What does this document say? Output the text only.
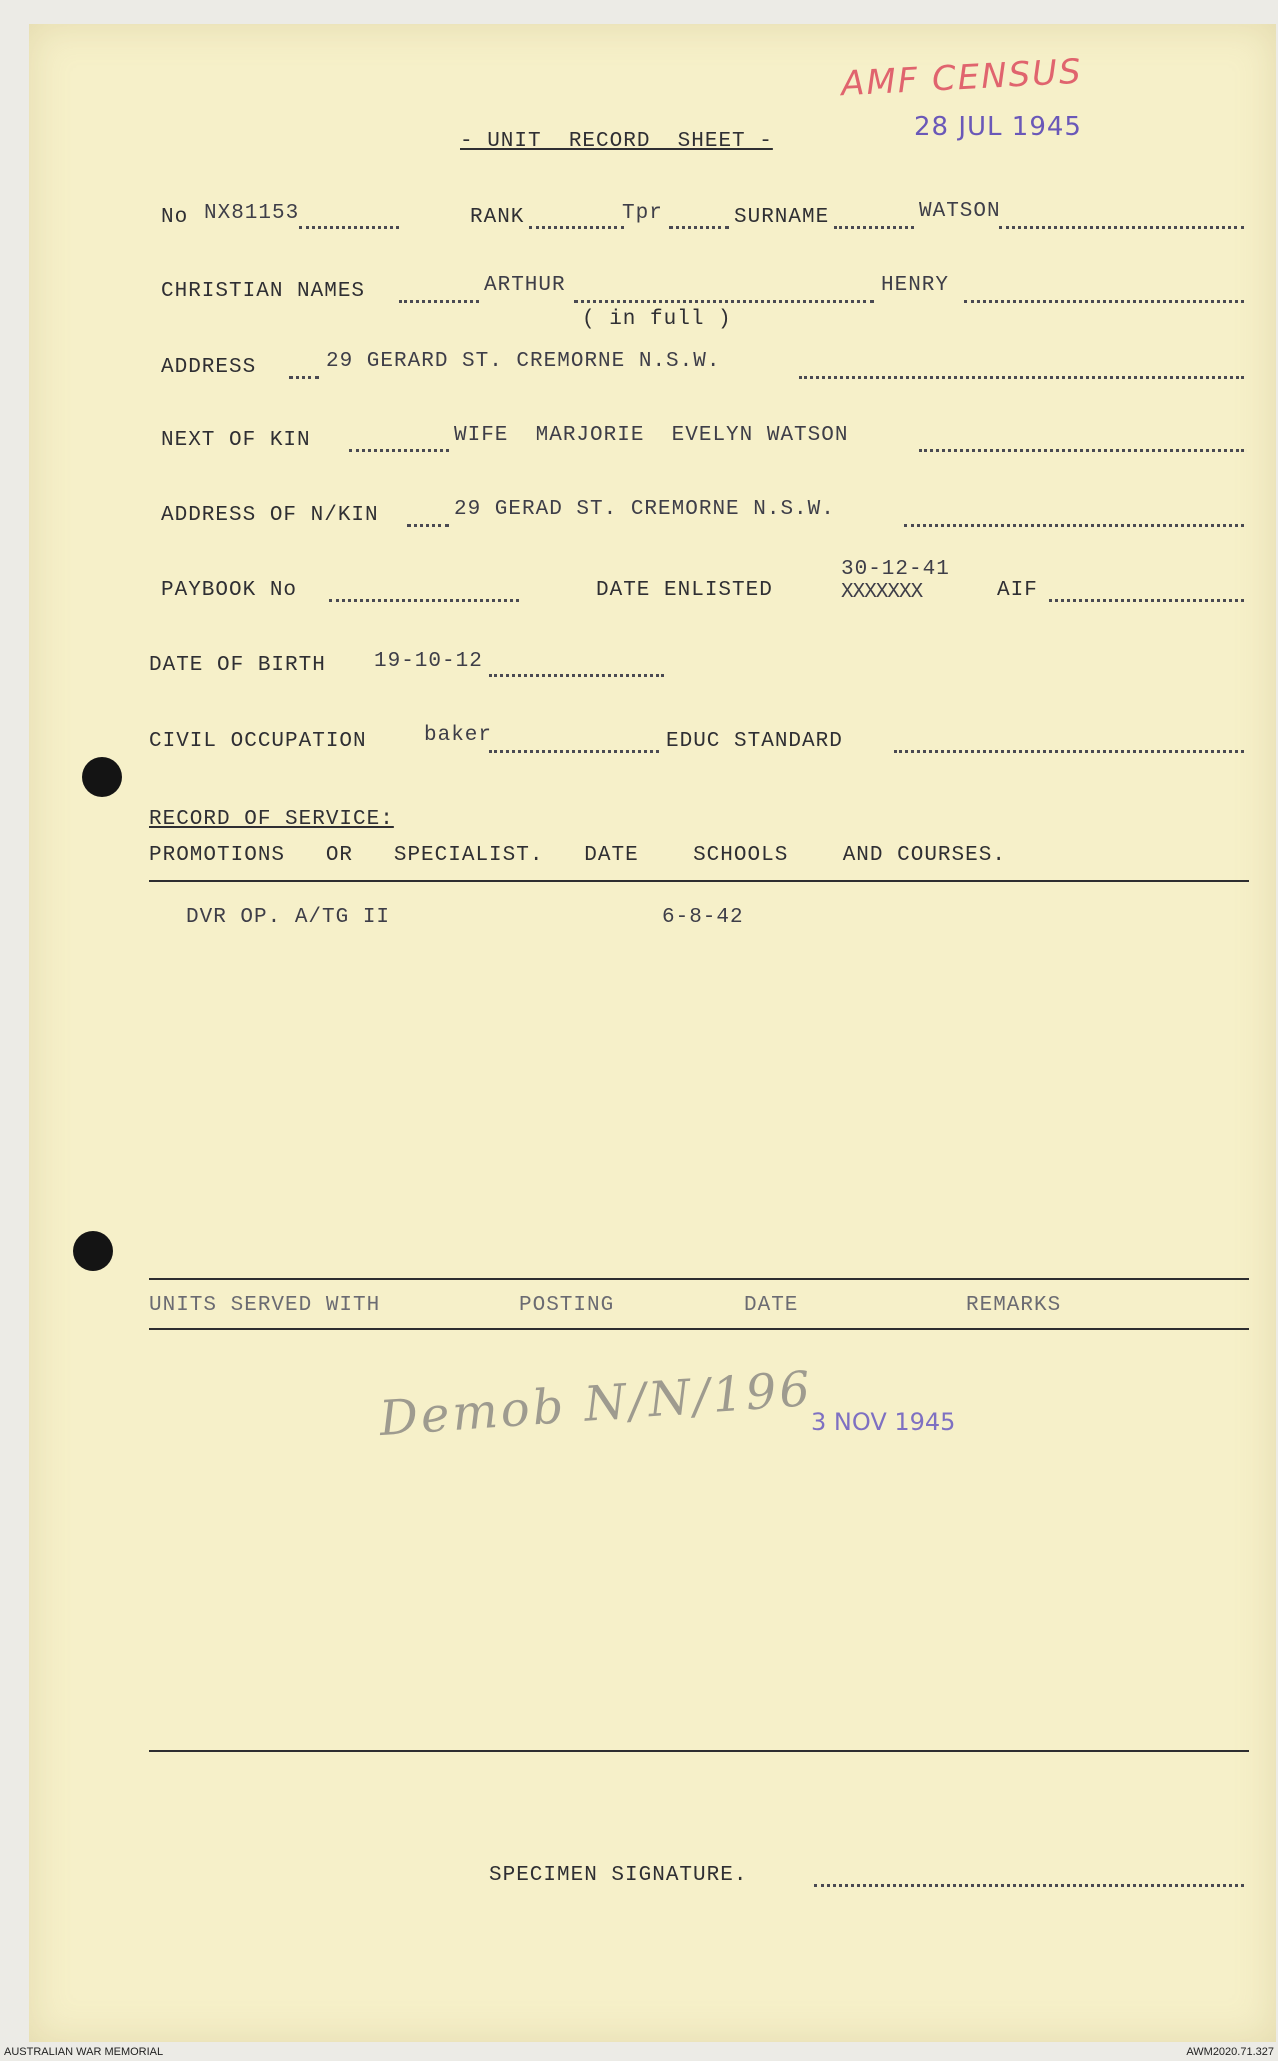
AMF CENSUS
28 JUL 1945
- UNIT  RECORD  SHEET -
No NX81153	RANK	Tpr	SURNAME	WATSON
CHRISTIAN NAMES	ARTHUR	HENRY
( in full )
ADDRESS	29 GERARD ST. CREMORNE N.S.W.
NEXT OF KIN	WIFE  MARJORIE  EVELYN WATSON
ADDRESS OF N/KIN	29 GERAD ST. CREMORNE N.S.W.
PAYBOOK No	DATE ENLISTED
30-12-41
XXXXXXX	AIF
DATE OF BIRTH 19-10-12
CIVIL OCCUPATION	baker	EDUC STANDARD
RECORD OF SERVICE:
PROMOTIONS   OR   SPECIALIST.   DATE    SCHOOLS    AND COURSES.
DVR OP. A/TG II	6-8-42
UNITS SERVED WITH	POSTING	DATE	REMARKS
Demob N/N/196
3 NOV 1945
SPECIMEN SIGNATURE.
AUSTRALIAN WAR MEMORIAL	AWM2020.71.327
